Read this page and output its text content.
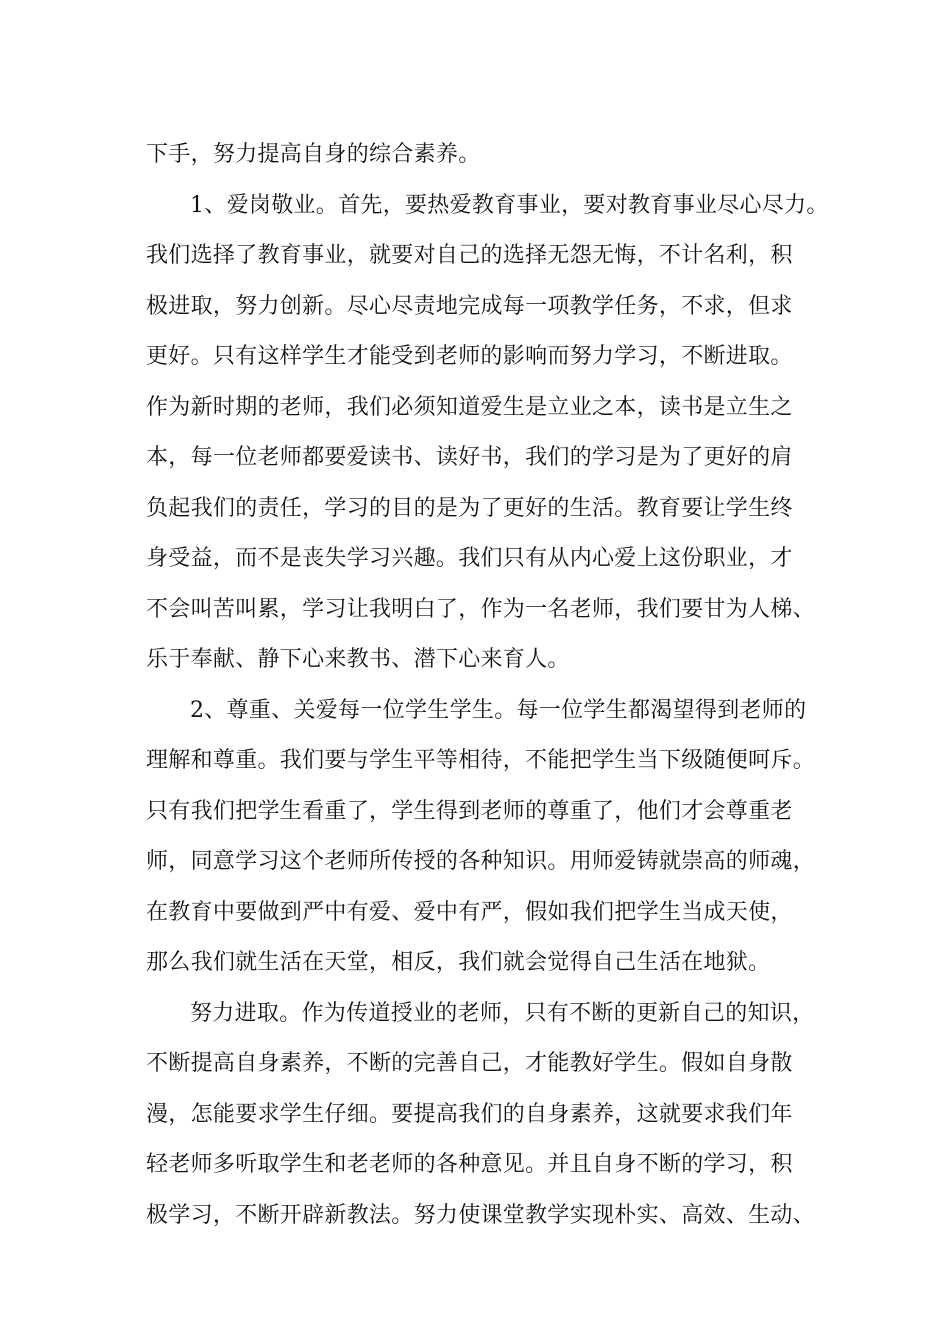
下手，努力提高自身的综合素养。
1、爱岗敬业。首先，要热爱教育事业，要对教育事业尽心尽力。
我们选择了教育事业，就要对自己的选择无怨无悔，不计名利，积
极进取，努力创新。尽心尽责地完成每一项教学任务，不求，但求
更好。只有这样学生才能受到老师的影响而努力学习，不断进取。
作为新时期的老师，我们必须知道爱生是立业之本，读书是立生之
本，每一位老师都要爱读书、读好书，我们的学习是为了更好的肩
负起我们的责任，学习的目的是为了更好的生活。教育要让学生终
身受益，而不是丧失学习兴趣。我们只有从内心爱上这份职业，才
不会叫苦叫累，学习让我明白了，作为一名老师，我们要甘为人梯、
乐于奉献、静下心来教书、潜下心来育人。
2、尊重、关爱每一位学生学生。每一位学生都渴望得到老师的
理解和尊重。我们要与学生平等相待，不能把学生当下级随便呵斥。
只有我们把学生看重了，学生得到老师的尊重了，他们才会尊重老
师，同意学习这个老师所传授的各种知识。用师爱铸就崇高的师魂，
在教育中要做到严中有爱、爱中有严，假如我们把学生当成天使，
那么我们就生活在天堂，相反，我们就会觉得自己生活在地狱。
努力进取。作为传道授业的老师，只有不断的更新自己的知识，
不断提高自身素养，不断的完善自己，才能教好学生。假如自身散
漫，怎能要求学生仔细。要提高我们的自身素养，这就要求我们年
轻老师多听取学生和老老师的各种意见。并且自身不断的学习，积
极学习，不断开辟新教法。努力使课堂教学实现朴实、高效、生动、
